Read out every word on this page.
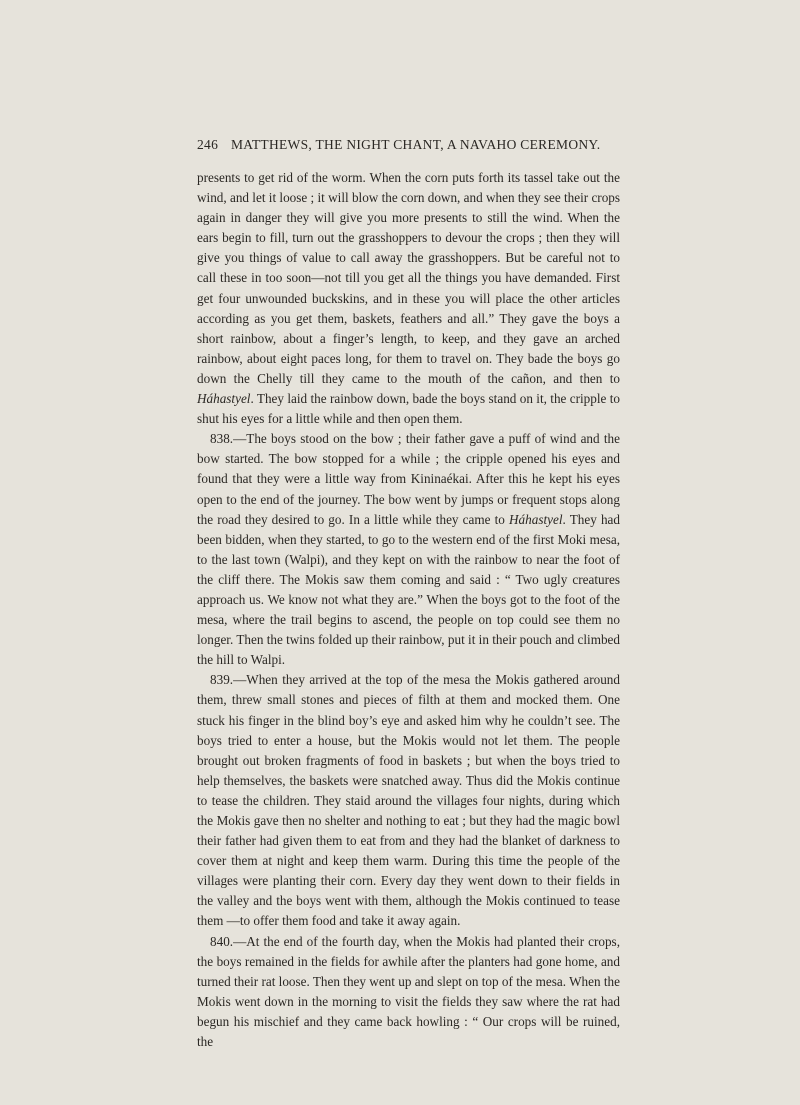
246 MATTHEWS, THE NIGHT CHANT, A NAVAHO CEREMONY.

presents to get rid of the worm. When the corn puts forth its tassel take out the wind, and let it loose ; it will blow the corn down, and when they see their crops again in danger they will give you more presents to still the wind. When the ears begin to fill, turn out the grasshoppers to devour the crops ; then they will give you things of value to call away the grasshoppers. But be careful not to call these in too soon—not till you get all the things you have demanded. First get four unwounded buckskins, and in these you will place the other articles according as you get them, baskets, feathers and all.” They gave the boys a short rainbow, about a finger’s length, to keep, and they gave an arched rainbow, about eight paces long, for them to travel on. They bade the boys go down the Chelly till they came to the mouth of the cañon, and then to Háhastyel. They laid the rainbow down, bade the boys stand on it, the cripple to shut his eyes for a little while and then open them.

838.—The boys stood on the bow ; their father gave a puff of wind and the bow started. The bow stopped for a while ; the cripple opened his eyes and found that they were a little way from Kininaékai. After this he kept his eyes open to the end of the journey. The bow went by jumps or frequent stops along the road they desired to go. In a little while they came to Háhastyel. They had been bidden, when they started, to go to the western end of the first Moki mesa, to the last town (Walpi), and they kept on with the rainbow to near the foot of the cliff there. The Mokis saw them coming and said : “ Two ugly creatures approach us. We know not what they are.” When the boys got to the foot of the mesa, where the trail begins to ascend, the people on top could see them no longer. Then the twins folded up their rainbow, put it in their pouch and climbed the hill to Walpi.

839.—When they arrived at the top of the mesa the Mokis gathered around them, threw small stones and pieces of filth at them and mocked them. One stuck his finger in the blind boy’s eye and asked him why he couldn’t see. The boys tried to enter a house, but the Mokis would not let them. The people brought out broken fragments of food in baskets ; but when the boys tried to help themselves, the baskets were snatched away. Thus did the Mokis continue to tease the children. They staid around the villages four nights, during which the Mokis gave then no shelter and nothing to eat ; but they had the magic bowl their father had given them to eat from and they had the blanket of darkness to cover them at night and keep them warm. During this time the people of the villages were planting their corn. Every day they went down to their fields in the valley and the boys went with them, although the Mokis continued to tease them —to offer them food and take it away again.

840.—At the end of the fourth day, when the Mokis had planted their crops, the boys remained in the fields for awhile after the planters had gone home, and turned their rat loose. Then they went up and slept on top of the mesa. When the Mokis went down in the morning to visit the fields they saw where the rat had begun his mischief and they came back howling : “ Our crops will be ruined, the
